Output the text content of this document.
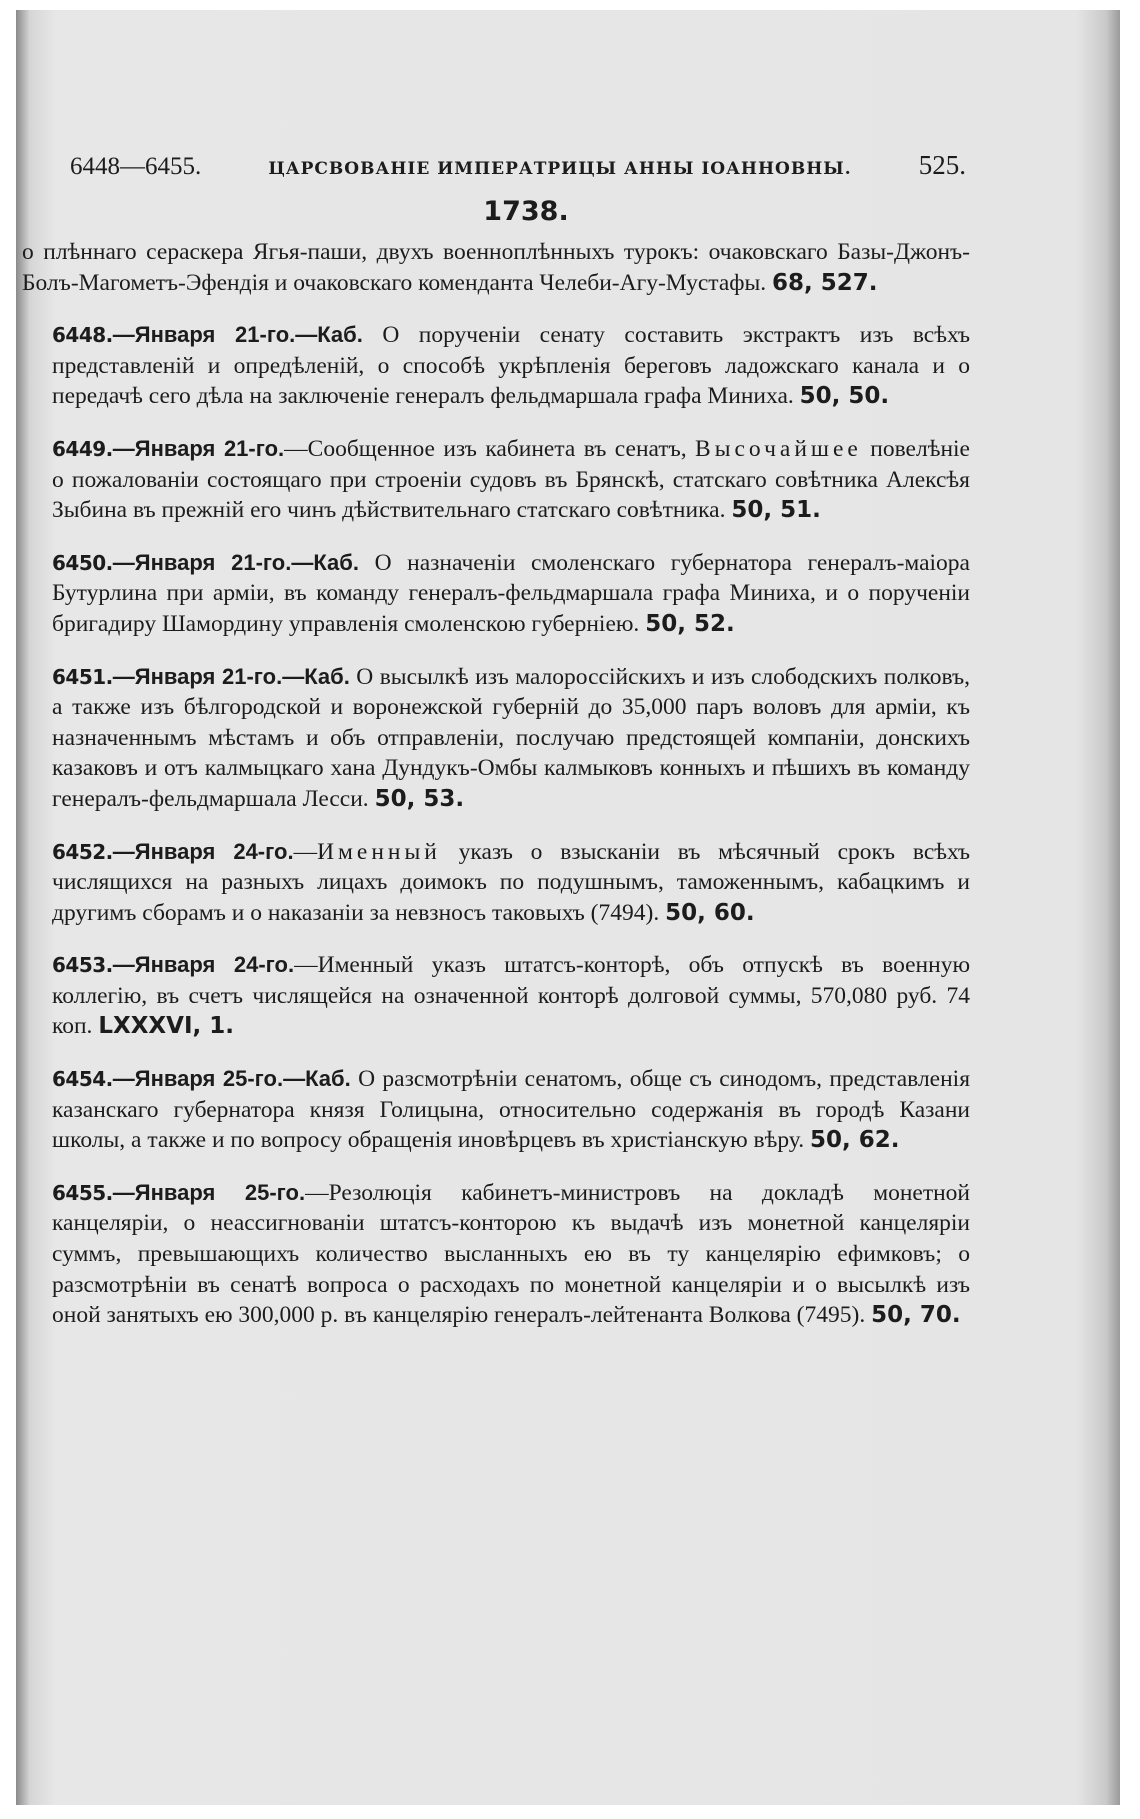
6448—6455.	ЦАРСВОВАНІЕ ИМПЕРАТРИЦЫ АННЫ ІОАННОВНЫ. 525.
1738.

о плѣннаго сераскера Ягья-паши, двухъ военноплѣнныхъ турокъ: очаковскаго Базы-Джонъ-Болъ-Магометъ-Эфендія и очаковскаго коменданта Челеби-Агу-Мустафы. 68, 527.

6448.—Января 21-го.—Каб. О порученіи сенату составить экстрактъ изъ всѣхъ представленій и опредѣленій, о способѣ укрѣпленія береговъ ладожскаго канала и о передачѣ сего дѣла на заключеніе генералъ фельдмаршала графа Миниха. 50, 50.

6449.—Января 21-го.—Сообщенное изъ кабинета въ сенатъ, Высочайшее повелѣніе о пожалованіи состоящаго при строеніи судовъ въ Брянскѣ, статскаго совѣтника Алексѣя Зыбина въ прежній его чинъ дѣйствительнаго статскаго совѣтника. 50, 51.

6450.—Января 21-го.—Каб. О назначеніи смоленскаго губернатора генералъ-маіора Бутурлина при арміи, въ команду генералъ-фельдмаршала графа Миниха, и о порученіи бригадиру Шамордину управленія смоленскою губерніею. 50, 52.

6451.—Января 21-го.—Каб. О высылкѣ изъ малороссійскихъ и изъ слободскихъ полковъ, а также изъ бѣлгородской и воронежской губерній до 35,000 паръ воловъ для арміи, къ назначеннымъ мѣстамъ и объ отправленіи, послучаю предстоящей компаніи, донскихъ казаковъ и отъ калмыцкаго хана Дундукъ-Омбы калмыковъ конныхъ и пѣшихъ въ команду генералъ-фельдмаршала Лесси. 50, 53.

6452.—Января 24-го.—Именный указъ о взысканіи въ мѣсячный срокъ всѣхъ числящихся на разныхъ лицахъ доимокъ по подушнымъ, таможеннымъ, кабацкимъ и другимъ сборамъ и о наказаніи за невзносъ таковыхъ (7494). 50, 60.

6453.—Января 24-го.—Именный указъ штатсъ-конторѣ, объ отпускѣ въ военную коллегію, въ счетъ числящейся на означенной конторѣ долговой суммы, 570,080 руб. 74 коп. LXXXVI, 1.

6454.—Января 25-го.—Каб. О разсмотрѣніи сенатомъ, обще съ синодомъ, представленія казанскаго губернатора князя Голицына, относительно содержанія въ городѣ Казани школы, а также и по вопросу обращенія иновѣрцевъ въ христіанскую вѣру. 50, 62.

6455.—Января 25-го.—Резолюція кабинетъ-министровъ на докладѣ монетной канцеляріи, о неассигнованіи штатсъ-конторою къ выдачѣ изъ монетной канцеляріи суммъ, превышающихъ количество высланныхъ ею въ ту канцелярію ефимковъ; о разсмотрѣніи въ сенатѣ вопроса о расходахъ по монетной канцеляріи и о высылкѣ изъ оной занятыхъ ею 300,000 р. въ канцелярію генералъ-лейтенанта Волкова (7495). 50, 70.
